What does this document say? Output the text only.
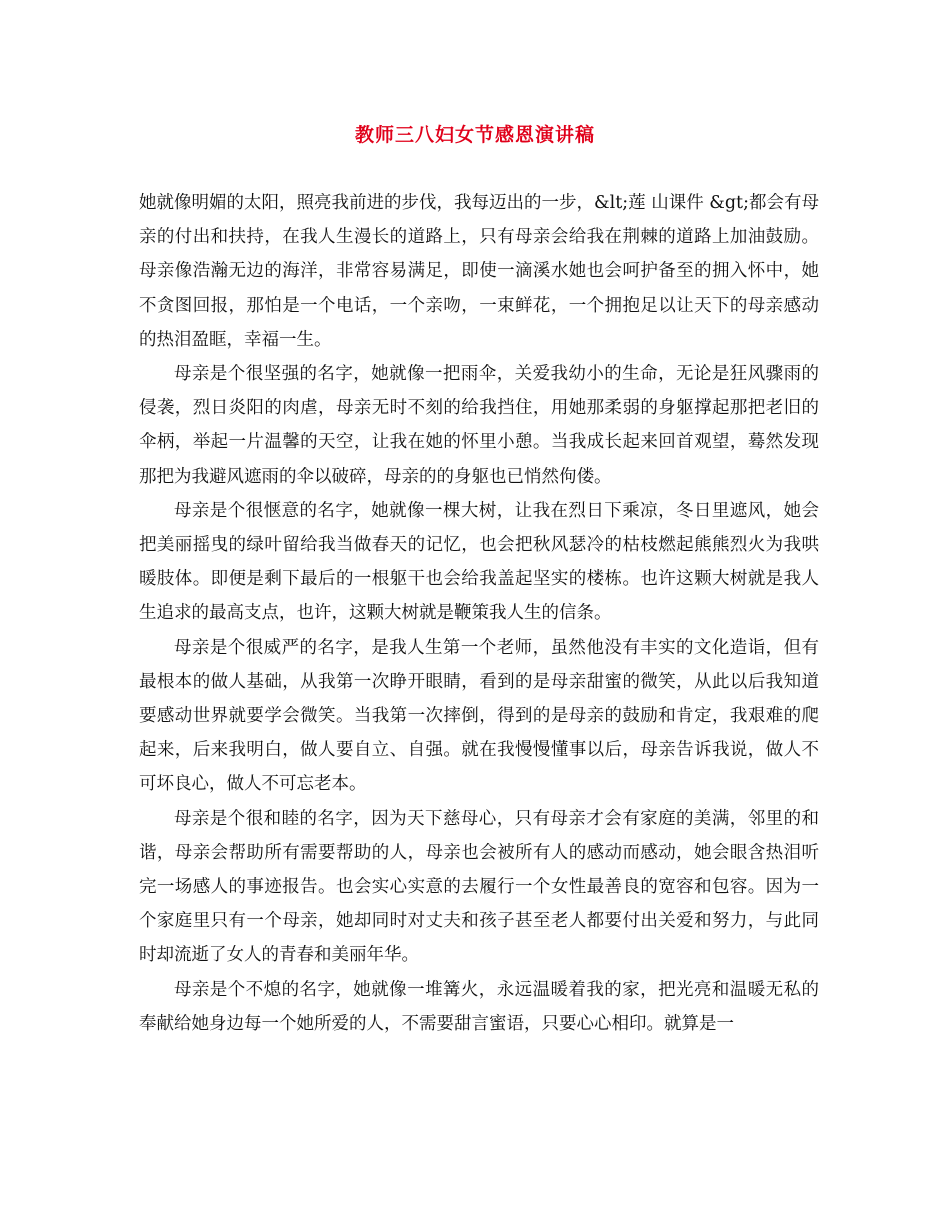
教师三八妇女节感恩演讲稿

她就像明媚的太阳，照亮我前进的步伐，我每迈出的一步，&lt;莲 山课件 &gt;都会有母亲的付出和扶持，在我人生漫长的道路上，只有母亲会给我在荆棘的道路上加油鼓励。母亲像浩瀚无边的海洋，非常容易满足，即使一滴溪水她也会呵护备至的拥入怀中，她不贪图回报，那怕是一个电话，一个亲吻，一束鲜花，一个拥抱足以让天下的母亲感动的热泪盈眶，幸福一生。

母亲是个很坚强的名字，她就像一把雨伞，关爱我幼小的生命，无论是狂风骤雨的侵袭，烈日炎阳的肉虐，母亲无时不刻的给我挡住，用她那柔弱的身躯撑起那把老旧的伞柄，举起一片温馨的天空，让我在她的怀里小憩。当我成长起来回首观望，蓦然发现那把为我避风遮雨的伞以破碎，母亲的的身躯也已悄然佝偻。

母亲是个很惬意的名字，她就像一棵大树，让我在烈日下乘凉，冬日里遮风，她会把美丽摇曳的绿叶留给我当做春天的记忆，也会把秋风瑟冷的枯枝燃起熊熊烈火为我哄暖肢体。即便是剩下最后的一根躯干也会给我盖起坚实的楼栋。也许这颗大树就是我人生追求的最高支点，也许，这颗大树就是鞭策我人生的信条。

母亲是个很威严的名字，是我人生第一个老师，虽然他没有丰实的文化造诣，但有最根本的做人基础，从我第一次睁开眼睛，看到的是母亲甜蜜的微笑，从此以后我知道要感动世界就要学会微笑。当我第一次摔倒，得到的是母亲的鼓励和肯定，我艰难的爬起来，后来我明白，做人要自立、自强。就在我慢慢懂事以后，母亲告诉我说，做人不可坏良心，做人不可忘老本。

母亲是个很和睦的名字，因为天下慈母心，只有母亲才会有家庭的美满，邻里的和谐，母亲会帮助所有需要帮助的人，母亲也会被所有人的感动而感动，她会眼含热泪听完一场感人的事迹报告。也会实心实意的去履行一个女性最善良的宽容和包容。因为一个家庭里只有一个母亲，她却同时对丈夫和孩子甚至老人都要付出关爱和努力，与此同时却流逝了女人的青春和美丽年华。

母亲是个不熄的名字，她就像一堆篝火，永远温暖着我的家，把光亮和温暖无私的奉献给她身边每一个她所爱的人，不需要甜言蜜语，只要心心相印。就算是一
